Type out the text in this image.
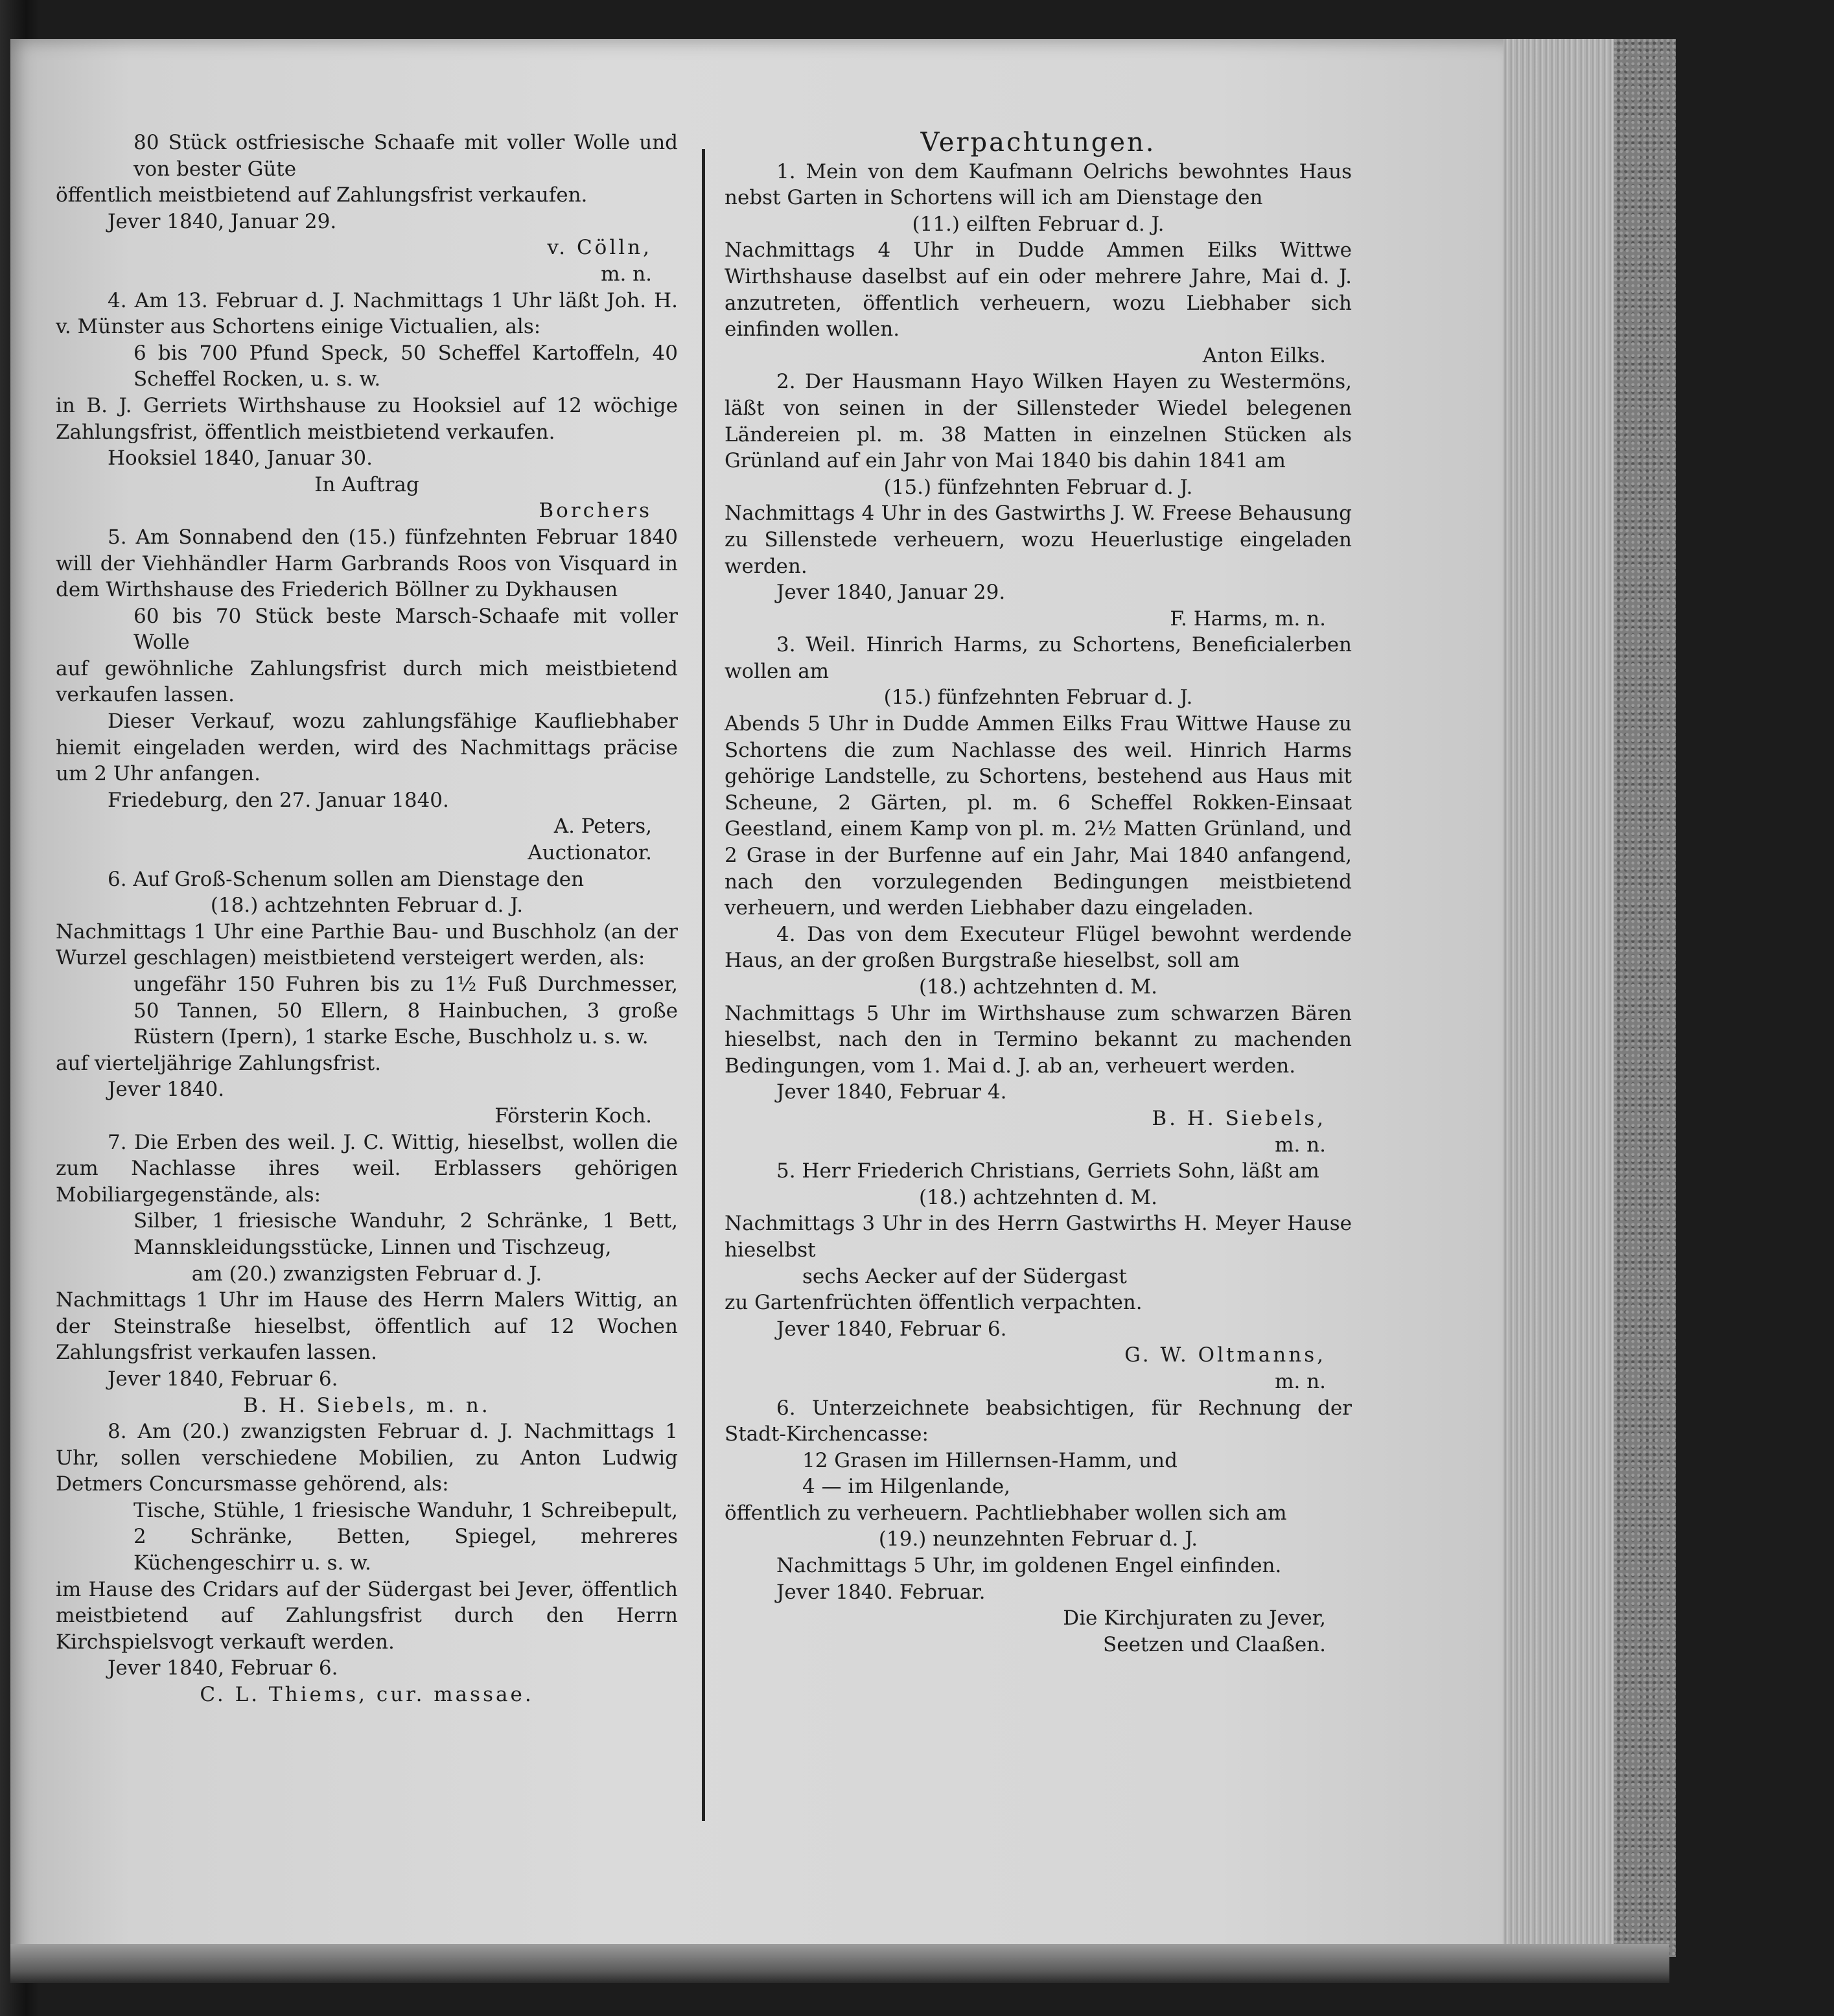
80 Stück ostfriesische Schaafe mit voller Wolle und von bester Güte

öffentlich meistbietend auf Zahlungsfrist verkaufen.

Jever 1840, Januar 29.

v. Cölln,

m. n.

4. Am 13. Februar d. J. Nachmittags 1 Uhr läßt Joh. H. v. Münster aus Schortens einige Victualien, als:

6 bis 700 Pfund Speck, 50 Scheffel Kartoffeln, 40 Scheffel Rocken, u. s. w.

in B. J. Gerriets Wirthshause zu Hooksiel auf 12 wöchige Zahlungsfrist, öffentlich meistbietend verkaufen.

Hooksiel 1840, Januar 30.

In Auftrag

Borchers

5. Am Sonnabend den (15.) fünfzehnten Februar 1840 will der Viehhändler Harm Garbrands Roos von Visquard in dem Wirthshause des Friederich Böllner zu Dykhausen

60 bis 70 Stück beste Marsch-Schaafe mit voller Wolle

auf gewöhnliche Zahlungsfrist durch mich meistbietend verkaufen lassen.

Dieser Verkauf, wozu zahlungsfähige Kaufliebhaber hiemit eingeladen werden, wird des Nachmittags präcise um 2 Uhr anfangen.

Friedeburg, den 27. Januar 1840.

A. Peters,

Auctionator.

6. Auf Groß-Schenum sollen am Dienstage den

(18.) achtzehnten Februar d. J.

Nachmittags 1 Uhr eine Parthie Bau- und Buschholz (an der Wurzel geschlagen) meistbietend versteigert werden, als:

ungefähr 150 Fuhren bis zu 1½ Fuß Durchmesser, 50 Tannen, 50 Ellern, 8 Hainbuchen, 3 große Rüstern (Ipern), 1 starke Esche, Buschholz u. s. w.

auf vierteljährige Zahlungsfrist.

Jever 1840.

Försterin Koch.

7. Die Erben des weil. J. C. Wittig, hieselbst, wollen die zum Nachlasse ihres weil. Erblassers gehörigen Mobiliargegenstände, als:

Silber, 1 friesische Wanduhr, 2 Schränke, 1 Bett, Mannskleidungsstücke, Linnen und Tischzeug,

am (20.) zwanzigsten Februar d. J.

Nachmittags 1 Uhr im Hause des Herrn Malers Wittig, an der Steinstraße hieselbst, öffentlich auf 12 Wochen Zahlungsfrist verkaufen lassen.

Jever 1840, Februar 6.

B. H. Siebels, m. n.

8. Am (20.) zwanzigsten Februar d. J. Nachmittags 1 Uhr, sollen verschiedene Mobilien, zu Anton Ludwig Detmers Concursmasse gehörend, als:

Tische, Stühle, 1 friesische Wanduhr, 1 Schreibepult, 2 Schränke, Betten, Spiegel, mehreres Küchengeschirr u. s. w.

im Hause des Cridars auf der Südergast bei Jever, öffentlich meistbietend auf Zahlungsfrist durch den Herrn Kirchspielsvogt verkauft werden.

Jever 1840, Februar 6.

C. L. Thiems, cur. massae.

Verpachtungen.

1. Mein von dem Kaufmann Oelrichs bewohntes Haus nebst Garten in Schortens will ich am Dienstage den

(11.) eilften Februar d. J.

Nachmittags 4 Uhr in Dudde Ammen Eilks Wittwe Wirthshause daselbst auf ein oder mehrere Jahre, Mai d. J. anzutreten, öffentlich verheuern, wozu Liebhaber sich einfinden wollen.

Anton Eilks.

2. Der Hausmann Hayo Wilken Hayen zu Westermöns, läßt von seinen in der Sillensteder Wiedel belegenen Ländereien pl. m. 38 Matten in einzelnen Stücken als Grünland auf ein Jahr von Mai 1840 bis dahin 1841 am

(15.) fünfzehnten Februar d. J.

Nachmittags 4 Uhr in des Gastwirths J. W. Freese Behausung zu Sillenstede verheuern, wozu Heuerlustige eingeladen werden.

Jever 1840, Januar 29.

F. Harms, m. n.

3. Weil. Hinrich Harms, zu Schortens, Beneficialerben wollen am

(15.) fünfzehnten Februar d. J.

Abends 5 Uhr in Dudde Ammen Eilks Frau Wittwe Hause zu Schortens die zum Nachlasse des weil. Hinrich Harms gehörige Landstelle, zu Schortens, bestehend aus Haus mit Scheune, 2 Gärten, pl. m. 6 Scheffel Rokken-Einsaat Geestland, einem Kamp von pl. m. 2½ Matten Grünland, und 2 Grase in der Burfenne auf ein Jahr, Mai 1840 anfangend, nach den vorzulegenden Bedingungen meistbietend verheuern, und werden Liebhaber dazu eingeladen.

4. Das von dem Executeur Flügel bewohnt werdende Haus, an der großen Burgstraße hieselbst, soll am

(18.) achtzehnten d. M.

Nachmittags 5 Uhr im Wirthshause zum schwarzen Bären hieselbst, nach den in Termino bekannt zu machenden Bedingungen, vom 1. Mai d. J. ab an, verheuert werden.

Jever 1840, Februar 4.

B. H. Siebels,

m. n.

5. Herr Friederich Christians, Gerriets Sohn, läßt am

(18.) achtzehnten d. M.

Nachmittags 3 Uhr in des Herrn Gastwirths H. Meyer Hause hieselbst

sechs Aecker auf der Südergast

zu Gartenfrüchten öffentlich verpachten.

Jever 1840, Februar 6.

G. W. Oltmanns,

m. n.

6. Unterzeichnete beabsichtigen, für Rechnung der Stadt-Kirchencasse:

12 Grasen im Hillernsen-Hamm, und

4 — im Hilgenlande,

öffentlich zu verheuern. Pachtliebhaber wollen sich am

(19.) neunzehnten Februar d. J.

Nachmittags 5 Uhr, im goldenen Engel einfinden.

Jever 1840. Februar.

Die Kirchjuraten zu Jever,

Seetzen und Claaßen.
